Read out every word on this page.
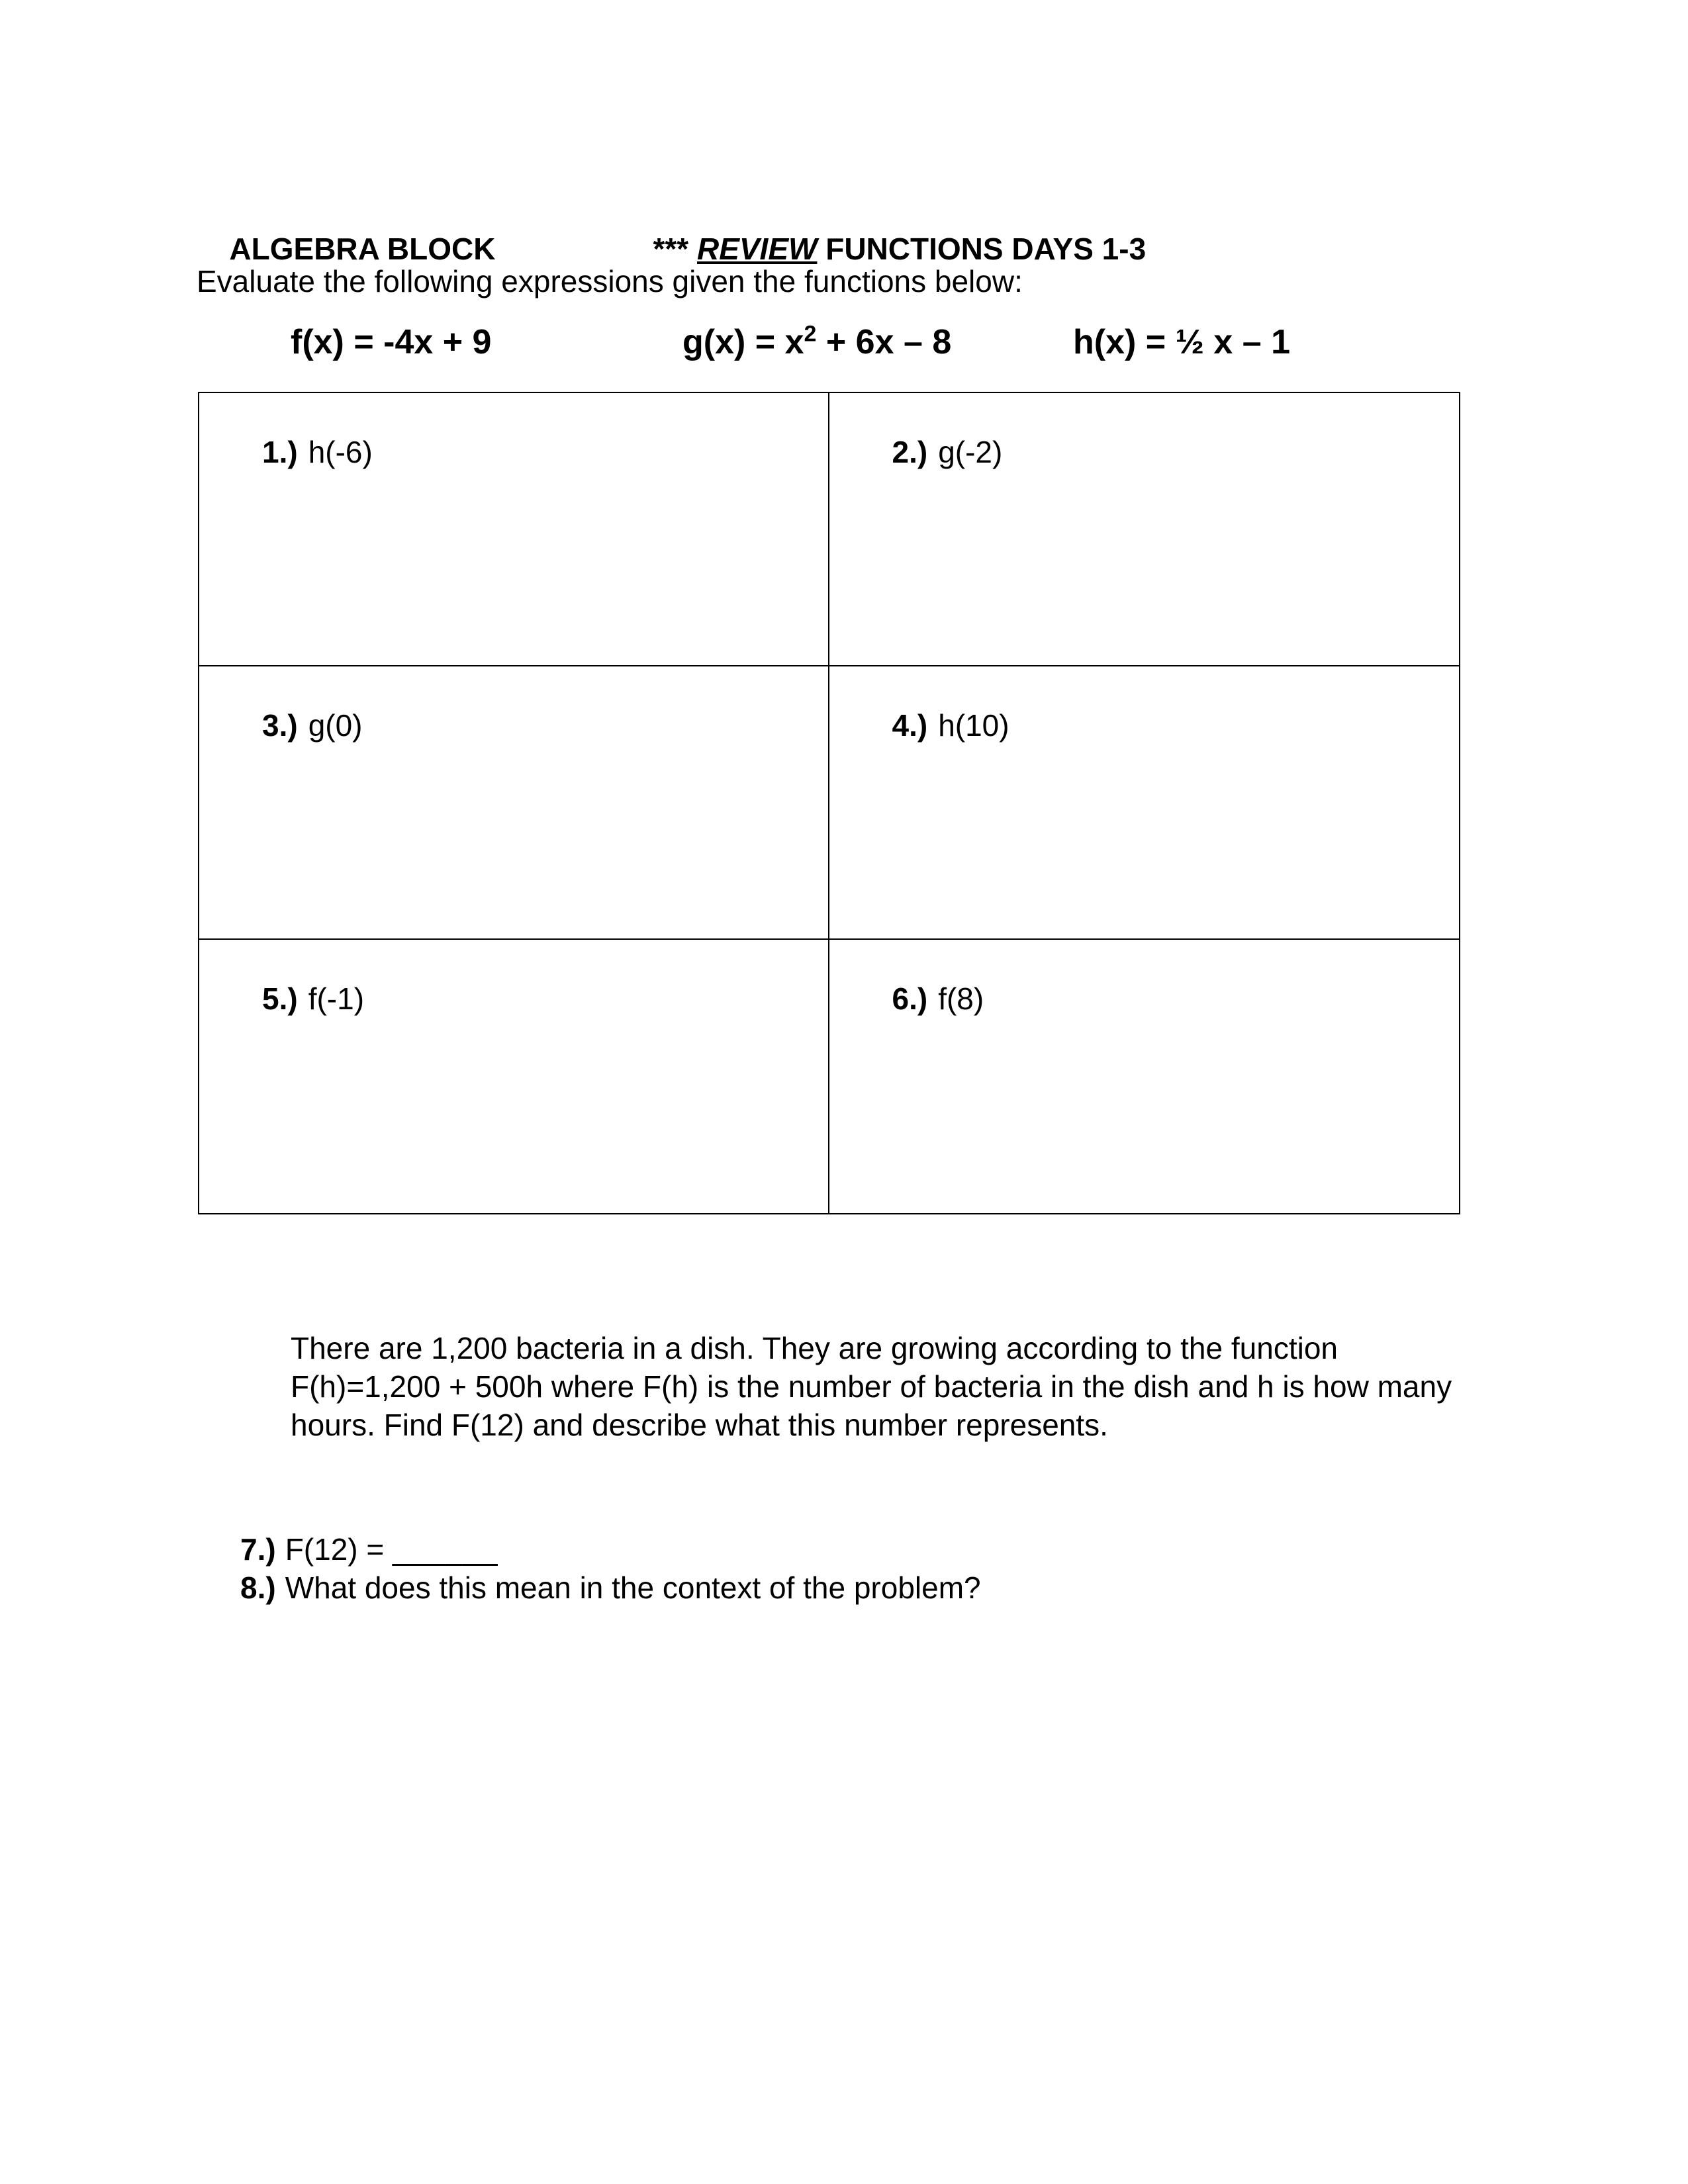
ALGEBRA BLOCK	*** REVIEW FUNCTIONS DAYS 1-3

Evaluate the following expressions given the functions below:
f(x) = -4x + 9	$g(x) = x^2 + 6x - 8$	h(x) = ½ x – 1
1.) h(-6)	2.) g(-2)
3.) g(0)	4.) h(10)
5.) f(-1)	6.) f(8)
There are 1,200 bacteria in a dish. They are growing according to the function
F(h)=1,200 + 500h where F(h) is the number of bacteria in the dish and h is how many
hours. Find F(12) and describe what this number represents.
7.) F(12) = ______
8.) What does this mean in the context of the problem?
